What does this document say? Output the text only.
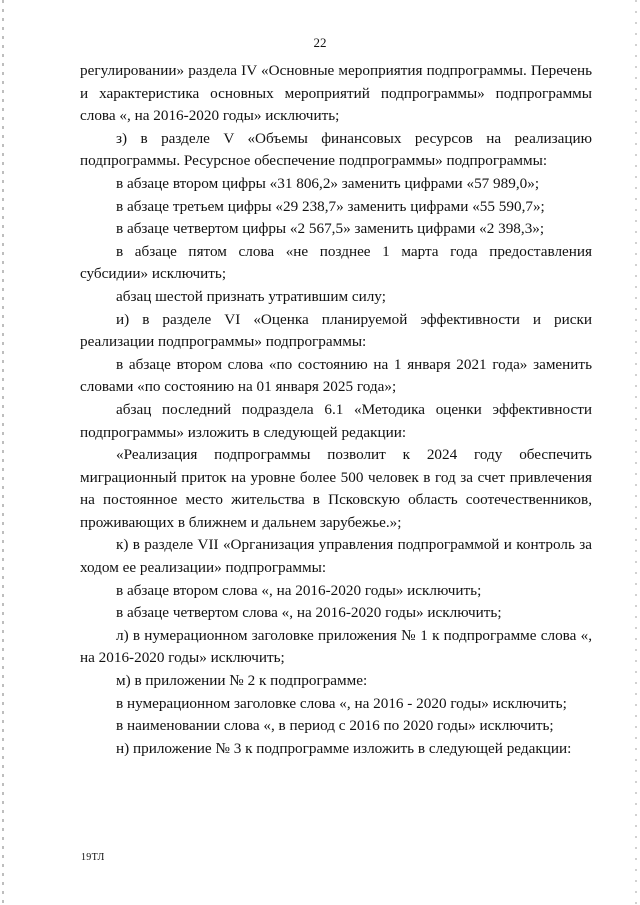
22

регулировании» раздела IV «Основные мероприятия подпрограммы. Перечень и характеристика основных мероприятий подпрограммы» подпрограммы слова «, на 2016-2020 годы» исключить;

з) в разделе V «Объемы финансовых ресурсов на реализацию подпрограммы. Ресурсное обеспечение подпрограммы» подпрограммы:

в абзаце втором цифры «31 806,2» заменить цифрами «57 989,0»;

в абзаце третьем цифры «29 238,7» заменить цифрами «55 590,7»;

в абзаце четвертом цифры «2 567,5» заменить цифрами «2 398,3»;

в абзаце пятом слова «не позднее 1 марта года предоставления субсидии» исключить;

абзац шестой признать утратившим силу;

и) в разделе VI «Оценка планируемой эффективности и риски реализации подпрограммы» подпрограммы:

в абзаце втором слова «по состоянию на 1 января 2021 года» заменить словами «по состоянию на 01 января 2025 года»;

абзац последний подраздела 6.1 «Методика оценки эффективности подпрограммы» изложить в следующей редакции:

«Реализация подпрограммы позволит к 2024 году обеспечить миграционный приток на уровне более 500 человек в год за счет привлечения на постоянное место жительства в Псковскую область соотечественников, проживающих в ближнем и дальнем зарубежье.»;

к) в разделе VII «Организация управления подпрограммой и контроль за ходом ее реализации» подпрограммы:

в абзаце втором слова «, на 2016-2020 годы» исключить;

в абзаце четвертом слова «, на 2016-2020 годы» исключить;

л) в нумерационном заголовке приложения № 1 к подпрограмме слова «, на 2016-2020 годы» исключить;

м) в приложении № 2 к подпрограмме:

в нумерационном заголовке слова «, на 2016 - 2020 годы» исключить;

в наименовании слова «, в период с 2016 по 2020 годы» исключить;

н) приложение № 3 к подпрограмме изложить в следующей редакции:

19ТЛ
